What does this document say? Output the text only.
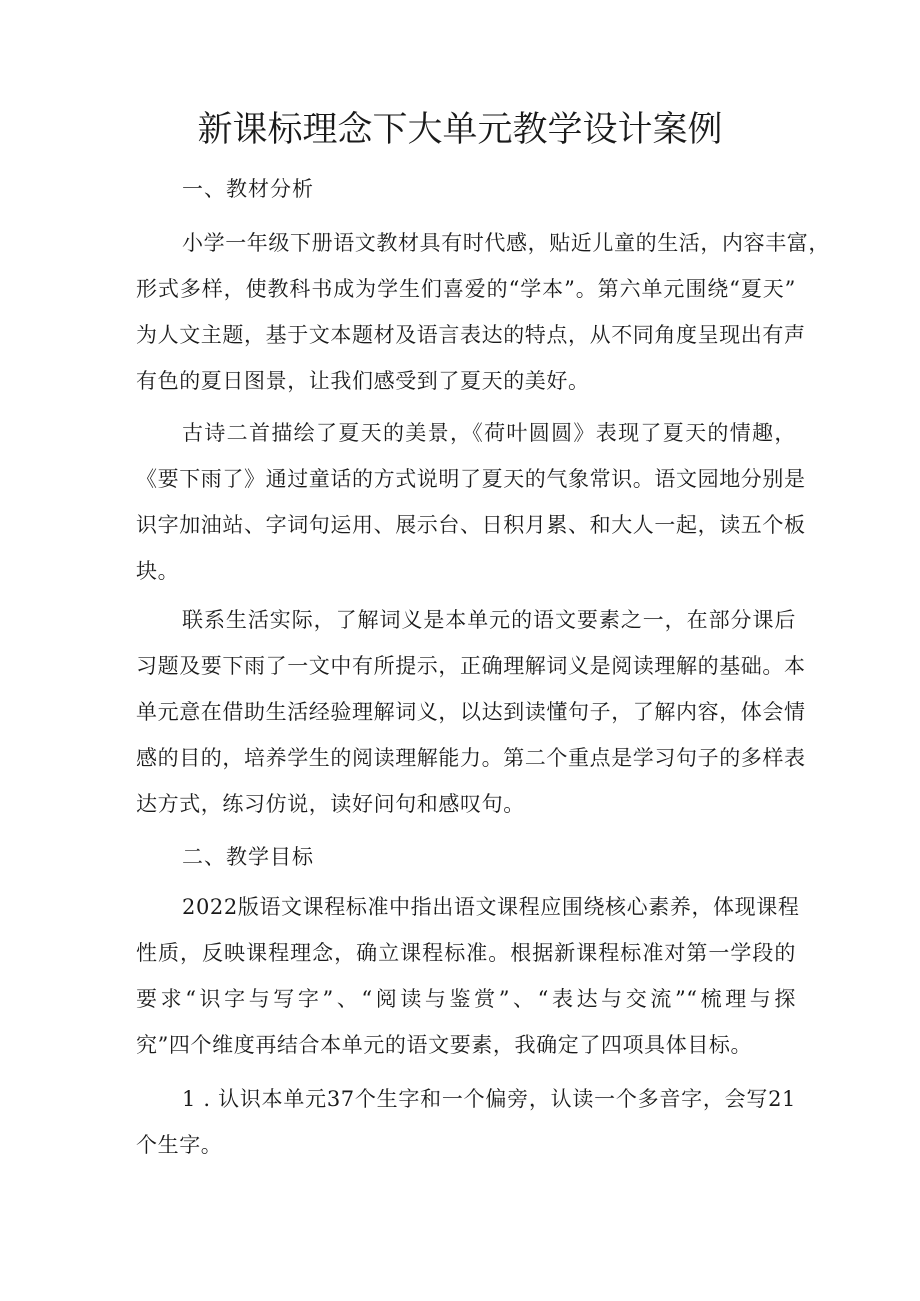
新课标理念下大单元教学设计案例
一、教材分析
小学一年级下册语文教材具有时代感，贴近儿童的生活，内容丰富，
形式多样，使教科书成为学生们喜爱的“学本”。第六单元围绕“夏天”
为人文主题，基于文本题材及语言表达的特点，从不同角度呈现出有声
有色的夏日图景，让我们感受到了夏天的美好。
古诗二首描绘了夏天的美景，《荷叶圆圆》表现了夏天的情趣，
《要下雨了》通过童话的方式说明了夏天的气象常识。语文园地分别是
识字加油站、字词句运用、展示台、日积月累、和大人一起，读五个板
块。
联系生活实际，了解词义是本单元的语文要素之一，在部分课后
习题及要下雨了一文中有所提示，正确理解词义是阅读理解的基础。本
单元意在借助生活经验理解词义，以达到读懂句子，了解内容，体会情
感的目的，培养学生的阅读理解能力。第二个重点是学习句子的多样表
达方式，练习仿说，读好问句和感叹句。
二、教学目标
2022版语文课程标准中指出语文课程应围绕核心素养，体现课程
性质，反映课程理念，确立课程标准。根据新课程标准对第一学段的
要求“识字与写字”、“阅读与鉴赏”、“表达与交流”“梳理与探
究”四个维度再结合本单元的语文要素，我确定了四项具体目标。
1 . 认识本单元37个生字和一个偏旁，认读一个多音字，会写21
个生字。
